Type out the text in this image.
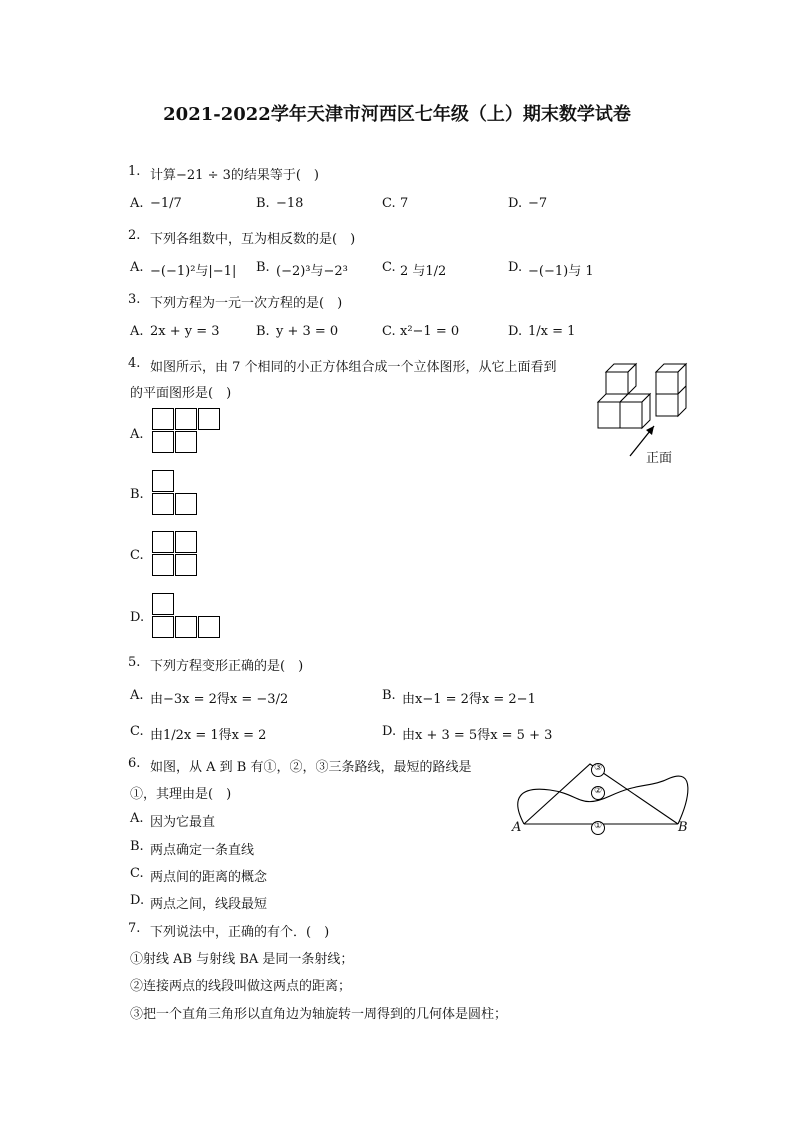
2021-2022学年天津市河西区七年级（上）期末数学试卷
1. 计算−21 ÷ 3的结果等于(　)
A. −1/7	B. −18	C. 7	D. −7
2. 下列各组数中，互为相反数的是(　)
A. −(−1)²与|−1| B. (−2)³与−2³	C. 2 与1/2	D. −(−1)与 1
3. 下列方程为一元一次方程的是(　)
A. 2x + y = 3	B. y + 3 = 0	C. x²−1 = 0	D. 1/x = 1
4. 如图所示，由 7 个相同的小正方体组合成一个立体图形，从它上面看到
的平面图形是(　)
正面
A.
B.
C.
D.
5. 下列方程变形正确的是(　)
A. 由−3x = 2得x = −3/2	B. 由x−1 = 2得x = 2−1
C. 由1/2x = 1得x = 2	D. 由x + 3 = 5得x = 5 + 3
6. 如图，从 A 到 B 有①，②，③三条路线，最短的路线是
①，其理由是(　)
A. 因为它最直
B. 两点确定一条直线
C. 两点间的距离的概念
D. 两点之间，线段最短
①
②
③
A	B
7. 下列说法中，正确的有个．(　)
①射线 AB 与射线 BA 是同一条射线；
②连接两点的线段叫做这两点的距离；
③把一个直角三角形以直角边为轴旋转一周得到的几何体是圆柱；
